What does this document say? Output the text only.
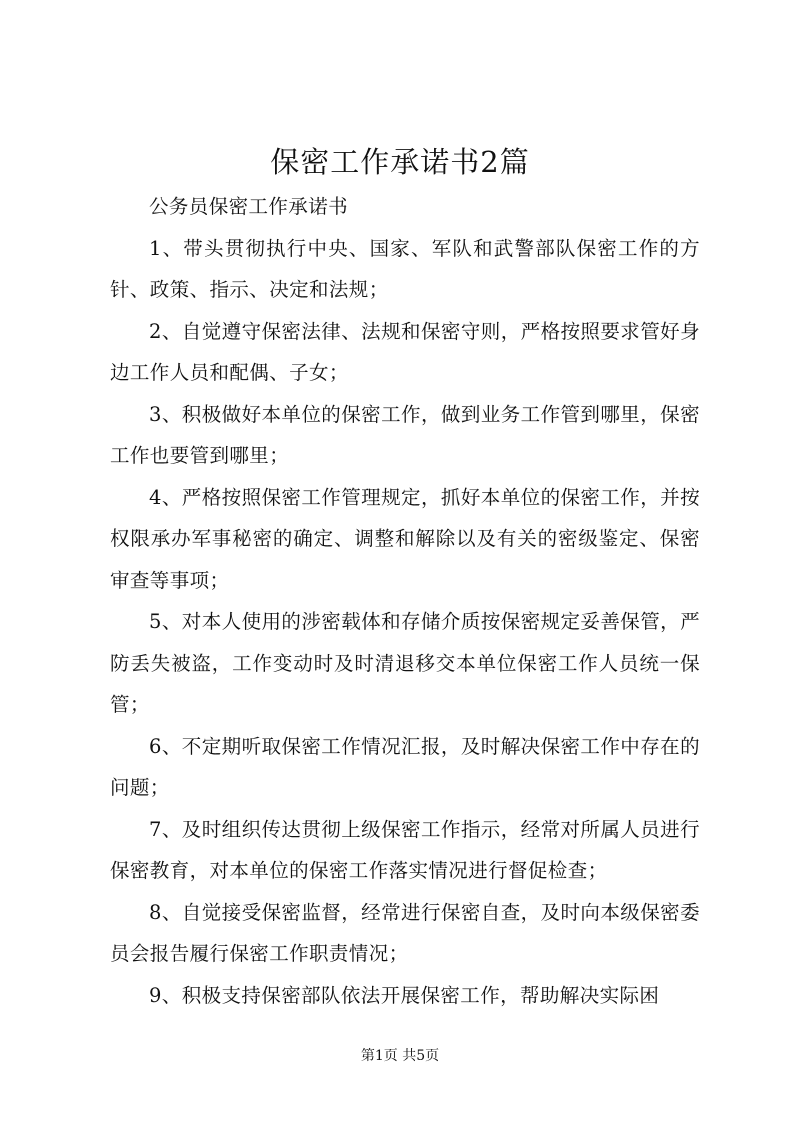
保密工作承诺书2篇

公务员保密工作承诺书

1、带头贯彻执行中央、国家、军队和武警部队保密工作的方针、政策、指示、决定和法规；

2、自觉遵守保密法律、法规和保密守则，严格按照要求管好身边工作人员和配偶、子女；

3、积极做好本单位的保密工作，做到业务工作管到哪里，保密工作也要管到哪里；

4、严格按照保密工作管理规定，抓好本单位的保密工作，并按权限承办军事秘密的确定、调整和解除以及有关的密级鉴定、保密审查等事项；

5、对本人使用的涉密载体和存储介质按保密规定妥善保管，严防丢失被盗，工作变动时及时清退移交本单位保密工作人员统一保管；

6、不定期听取保密工作情况汇报，及时解决保密工作中存在的问题；

7、及时组织传达贯彻上级保密工作指示，经常对所属人员进行保密教育，对本单位的保密工作落实情况进行督促检查；

8、自觉接受保密监督，经常进行保密自查，及时向本级保密委员会报告履行保密工作职责情况；

9、积极支持保密部队依法开展保密工作，帮助解决实际困

第1页 共5页
